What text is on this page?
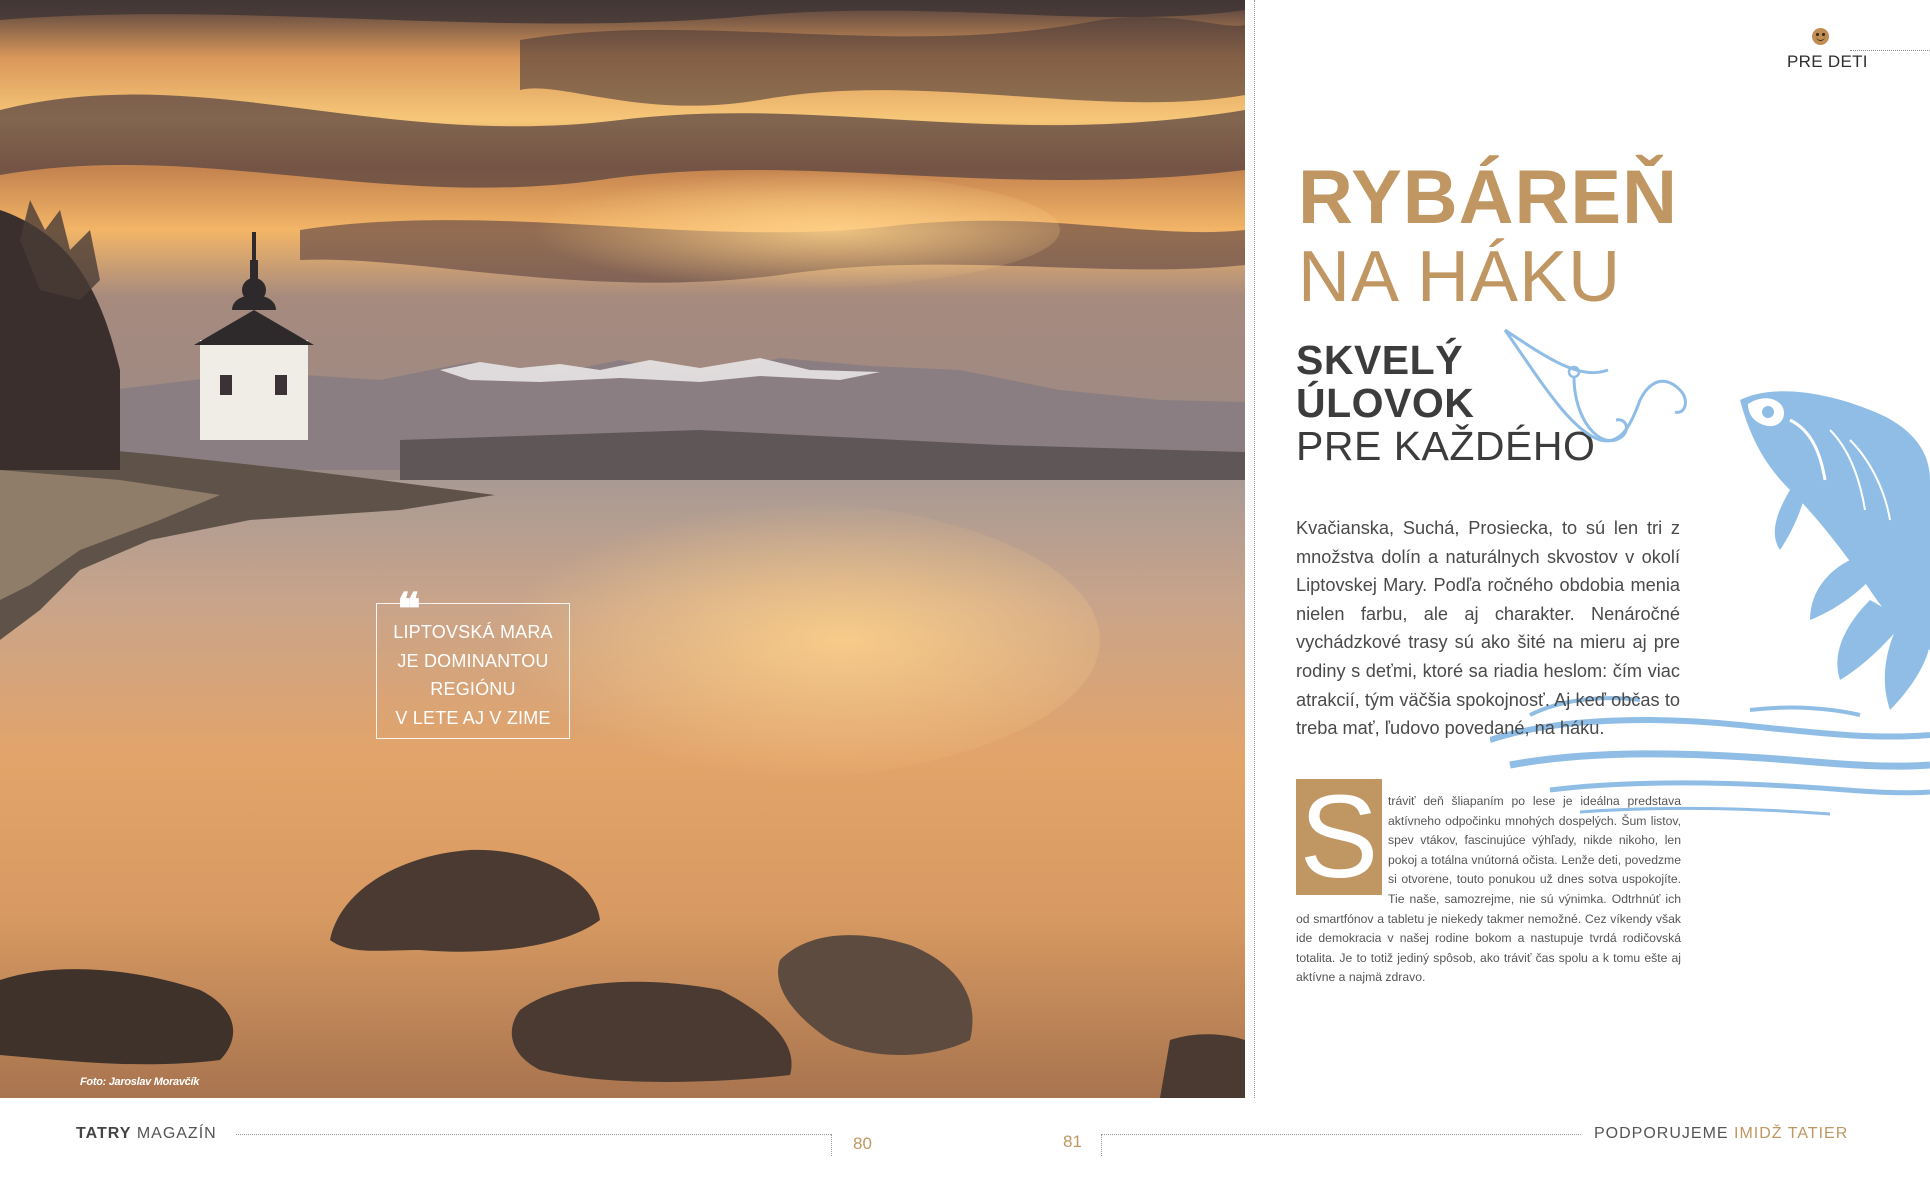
❝
LIPTOVSKÁ MARA
JE DOMINANTOU
REGIÓNU
V LETE AJ V ZIME
Foto: Jaroslav Moravčík
PRE DETI
RYBÁREŇ
NA HÁKU
SKVELÝ
ÚLOVOK
PRE KAŽDÉHO
Kvačianska, Suchá, Prosiecka, to sú len tri z množstva dolín a naturálnych skvostov v okolí Liptovskej Mary. Podľa ročného obdobia menia nielen farbu, ale aj charakter. Nenáročné vychádzkové trasy sú ako šité na mieru aj pre rodiny s deťmi, ktoré sa riadia heslom: čím viac atrakcií, tým väčšia spokojnosť. Aj keď občas to treba mať, ľudovo povedané, na háku.
S tráviť deň šliapaním po lese je ideálna predstava aktívneho odpočinku mnohých dospelých. Šum listov, spev vtákov, fascinujúce výhľady, nikde nikoho, len pokoj a totálna vnútorná očista. Lenže deti, povedzme si otvorene, touto ponukou už dnes sotva uspokojíte. Tie naše, samozrejme, nie sú výnimka. Odtrhnúť ich od smartfónov a tabletu je niekedy takmer nemožné. Cez víkendy však ide demokracia v našej rodine bokom a nastupuje tvrdá rodičovská totalita. Je to totiž jediný spôsob, ako tráviť čas spolu a k tomu ešte aj aktívne a najmä zdravo.
TATRY MAGAZÍN
80	81	PODPORUJEME IMIDŽ TATIER
